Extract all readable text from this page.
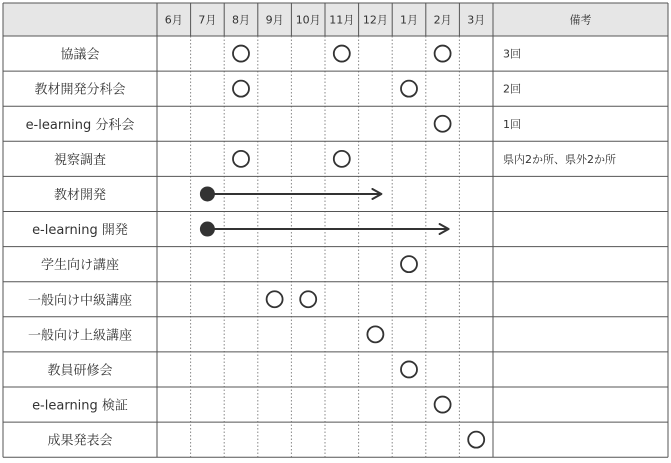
6月 7月 8月 9月 10月 11月 12月 1月 2月 3月	備考
協議会	3回
教材開発分科会	2回
e-learning 分科会	1回
視察調査	県内2か所、県外2か所
教材開発
e-learning 開発
学生向け講座
一般向け中級講座
一般向け上級講座
教員研修会
e-learning 検証
成果発表会
